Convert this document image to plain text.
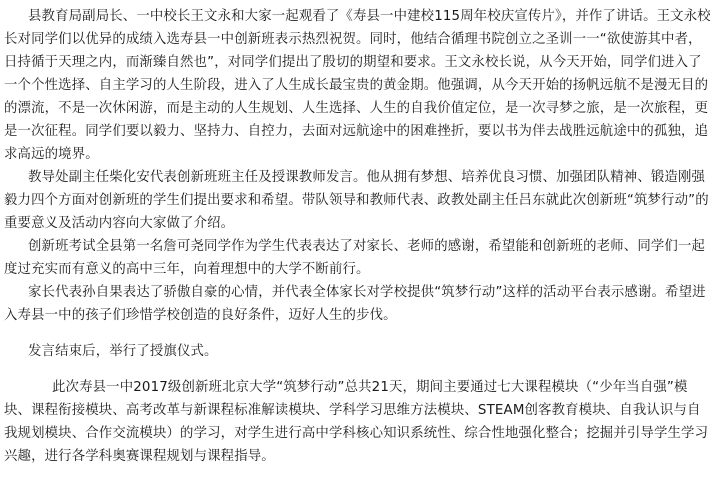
县教育局副局长、一中校长王文永和大家一起观看了《寿县一中建校115周年校庆宣传片》，并作了讲话。王文永校长对同学们以优异的成绩入选寿县一中创新班表示热烈祝贺。同时，他结合循理书院创立之圣训一一“欲使游其中者，日持循于天理之内，而渐臻自然也”，对同学们提出了殷切的期望和要求。王文永校长说，从今天开始，同学们进入了一个个性选择、自主学习的人生阶段，进入了人生成长最宝贵的黄金期。他强调，从今天开始的扬帆远航不是漫无目的的漂流，不是一次休闲游，而是主动的人生规划、人生选择、人生的自我价值定位，是一次寻梦之旅，是一次旅程，更是一次征程。同学们要以毅力、坚持力、自控力，去面对远航途中的困难挫折，要以书为伴去战胜远航途中的孤独，追求高远的境界。

教导处副主任柴化安代表创新班班主任及授课教师发言。他从拥有梦想、培养优良习惯、加强团队精神、锻造刚强毅力四个方面对创新班的学生们提出要求和希望。带队领导和教师代表、政教处副主任吕东就此次创新班“筑梦行动”的重要意义及活动内容向大家做了介绍。

创新班考试全县第一名詹可尧同学作为学生代表表达了对家长、老师的感谢，希望能和创新班的老师、同学们一起度过充实而有意义的高中三年，向着理想中的大学不断前行。

家长代表孙自果表达了骄傲自豪的心情，并代表全体家长对学校提供“筑梦行动”这样的活动平台表示感谢。希望进入寿县一中的孩子们珍惜学校创造的良好条件，迈好人生的步伐。

发言结束后，举行了授旗仪式。

此次寿县一中2017级创新班北京大学“筑梦行动”总共21天，期间主要通过七大课程模块（“少年当自强”模块、课程衔接模块、高考改革与新课程标准解读模块、学科学习思维方法模块、STEAM创客教育模块、自我认识与自我规划模块、合作交流模块）的学习，对学生进行高中学科核心知识系统性、综合性地强化整合；挖掘并引导学生学习兴趣，进行各学科奥赛课程规划与课程指导。
